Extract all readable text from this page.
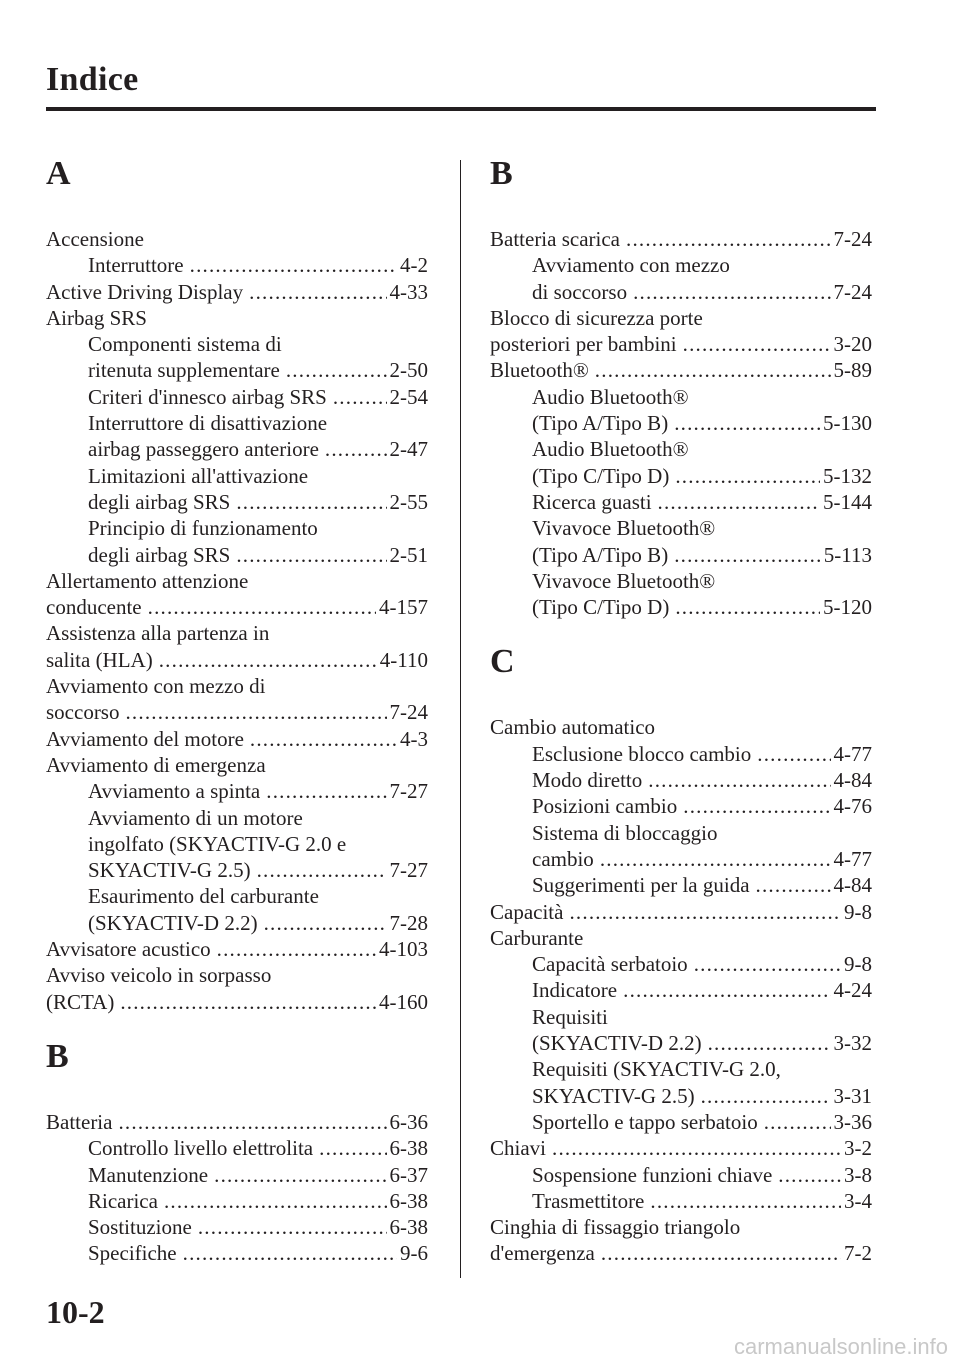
Indice
A
Accensione
Interruttore .....	4-2
Active Driving Display .....	4-33
Airbag SRS
Componenti sistema di
ritenuta supplementare .....	2-50
Criteri d'innesco airbag SRS .....	2-54
Interruttore di disattivazione
airbag passeggero anteriore .....	2-47
Limitazioni all'attivazione
degli airbag SRS .....	2-55
Principio di funzionamento
degli airbag SRS .....	2-51
Allertamento attenzione
conducente .....	4-157
Assistenza alla partenza in
salita (HLA) .....	4-110
Avviamento con mezzo di
soccorso .....	7-24
Avviamento del motore .....	4-3
Avviamento di emergenza
Avviamento a spinta .....	7-27
Avviamento di un motore
ingolfato (SKYACTIV-G 2.0 e
SKYACTIV-G 2.5) .....	7-27
Esaurimento del carburante
(SKYACTIV-D 2.2) .....	7-28
Avvisatore acustico .....	4-103
Avviso veicolo in sorpasso
(RCTA) .....	4-160
B
Batteria .....	6-36
Controllo livello elettrolita .....	6-38
Manutenzione .....	6-37
Ricarica .....	6-38
Sostituzione .....	6-38
Specifiche .....	9-6
B
Batteria scarica .....	7-24
Avviamento con mezzo
di soccorso .....	7-24
Blocco di sicurezza porte
posteriori per bambini .....	3-20
Bluetooth® .....	5-89
Audio Bluetooth®
(Tipo A/Tipo B) .....	5-130
Audio Bluetooth®
(Tipo C/Tipo D) .....	5-132
Ricerca guasti .....	5-144
Vivavoce Bluetooth®
(Tipo A/Tipo B) .....	5-113
Vivavoce Bluetooth®
(Tipo C/Tipo D) .....	5-120
C
Cambio automatico
Esclusione blocco cambio .....	4-77
Modo diretto .....	4-84
Posizioni cambio .....	4-76
Sistema di bloccaggio
cambio .....	4-77
Suggerimenti per la guida .....	4-84
Capacità .....	9-8
Carburante
Capacità serbatoio .....	9-8
Indicatore .....	4-24
Requisiti
(SKYACTIV-D 2.2) .....	3-32
Requisiti (SKYACTIV-G 2.0,
SKYACTIV-G 2.5) .....	3-31
Sportello e tappo serbatoio .....	3-36
Chiavi .....	3-2
Sospensione funzioni chiave .....	3-8
Trasmettitore .....	3-4
Cinghia di fissaggio triangolo
d'emergenza .....	7-2
10-2
carmanualsonline.info
